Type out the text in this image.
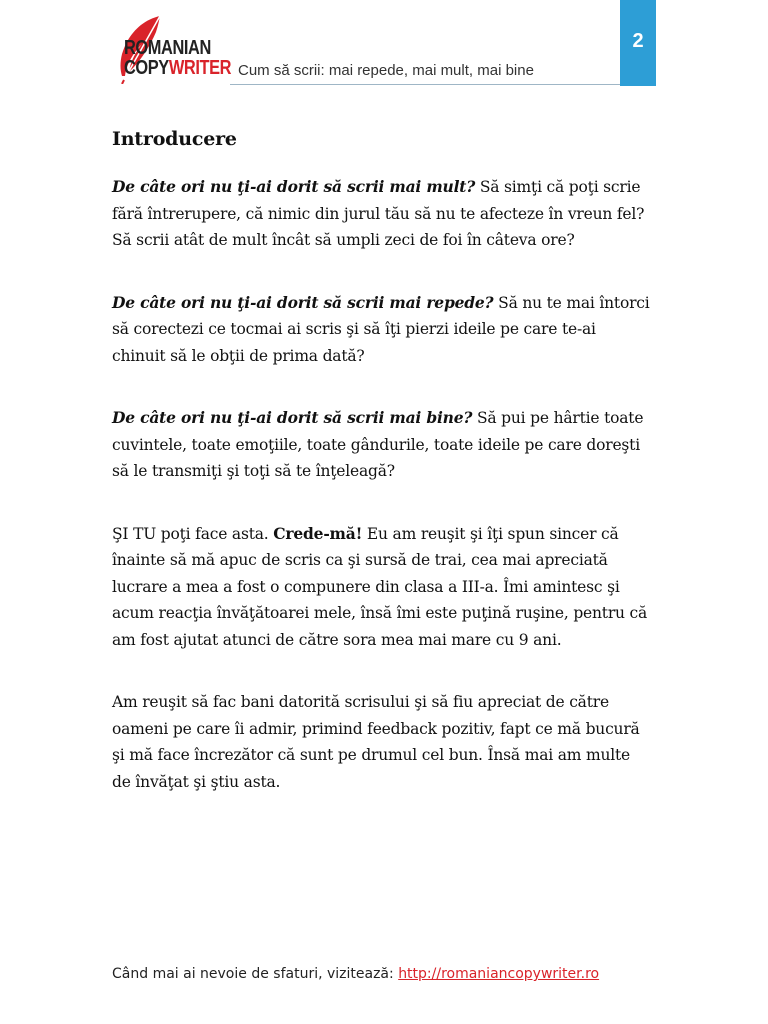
ROMANIAN
COPYWRITER Cum să scrii: mai repede, mai mult, mai bine
2
Introducere

De câte ori nu ţi-ai dorit să scrii mai mult? Să simţi că poţi scrie fără întrerupere, că nimic din jurul tău să nu te afecteze în vreun fel? Să scrii atât de mult încât să umpli zeci de foi în câteva ore?

De câte ori nu ţi-ai dorit să scrii mai repede? Să nu te mai întorci să corectezi ce tocmai ai scris şi să îţi pierzi ideile pe care te-ai chinuit să le obţii de prima dată?

De câte ori nu ţi-ai dorit să scrii mai bine? Să pui pe hârtie toate cuvintele, toate emoţiile, toate gândurile, toate ideile pe care doreşti să le transmiţi şi toţi să te înţeleagă?

ŞI TU poţi face asta. Crede-mă! Eu am reuşit şi îţi spun sincer că înainte să mă apuc de scris ca şi sursă de trai, cea mai apreciată lucrare a mea a fost o compunere din clasa a III-a. Îmi amintesc şi acum reacţia învăţătoarei mele, însă îmi este puţină ruşine, pentru că am fost ajutat atunci de către sora mea mai mare cu 9 ani.

Am reuşit să fac bani datorită scrisului şi să fiu apreciat de către oameni pe care îi admir, primind feedback pozitiv, fapt ce mă bucură şi mă face încrezător că sunt pe drumul cel bun. Însă mai am multe de învăţat şi ştiu asta.

Când mai ai nevoie de sfaturi, vizitează: http://romaniancopywriter.ro
